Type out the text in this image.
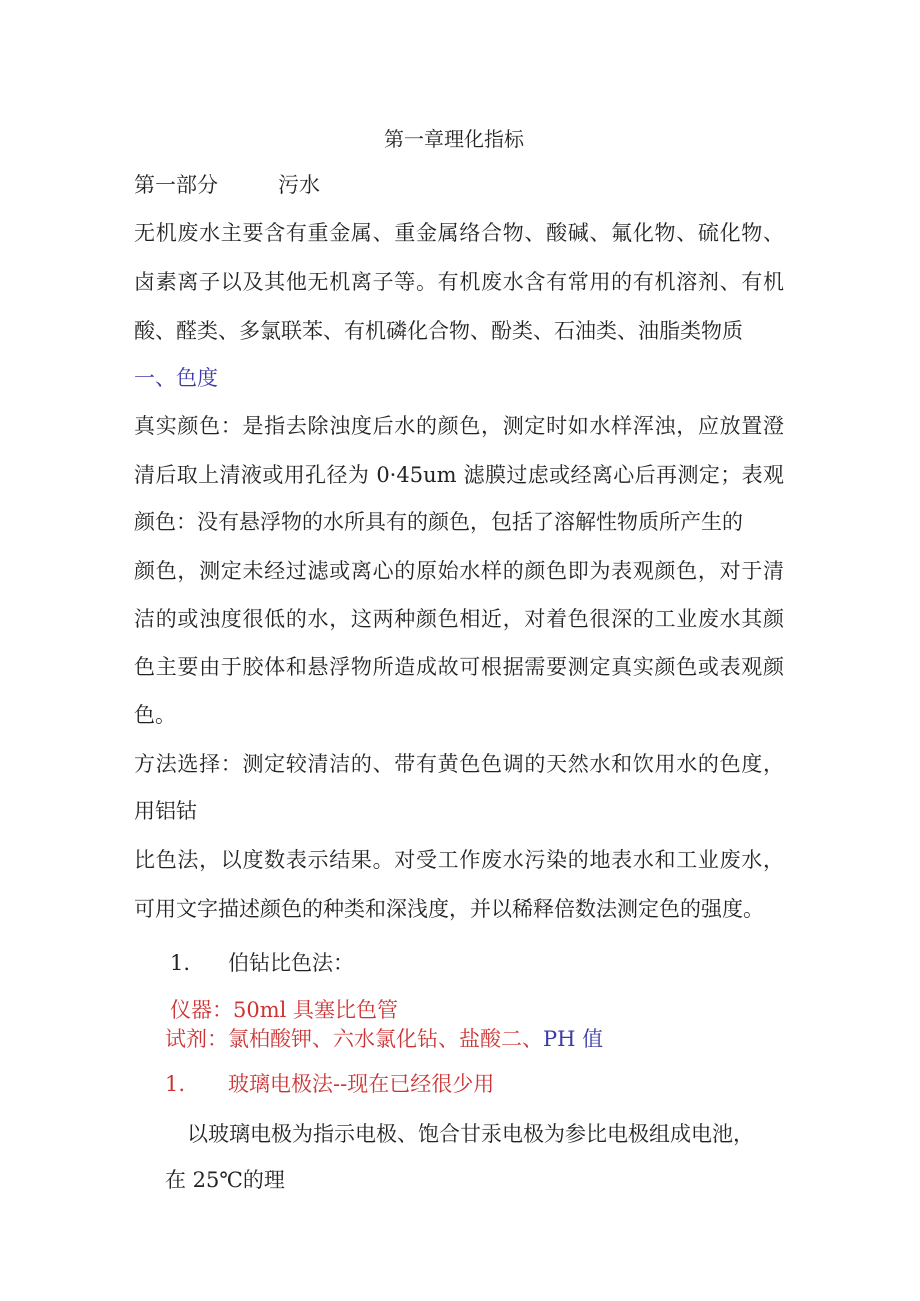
第一章理化指标
第一部分	污水
无机废水主要含有重金属、重金属络合物、酸碱、氟化物、硫化物、
卤素离子以及其他无机离子等。有机废水含有常用的有机溶剂、有机
酸、醛类、多氯联苯、有机磷化合物、酚类、石油类、油脂类物质
一、色度
真实颜色：是指去除浊度后水的颜色，测定时如水样浑浊，应放置澄
清后取上清液或用孔径为 0·45um 滤膜过虑或经离心后再测定；表观
颜色：没有悬浮物的水所具有的颜色，包括了溶解性物质所产生的
颜色，测定未经过滤或离心的原始水样的颜色即为表观颜色，对于清
洁的或浊度很低的水，这两种颜色相近，对着色很深的工业废水其颜
色主要由于胶体和悬浮物所造成故可根据需要测定真实颜色或表观颜
色。
方法选择：测定较清洁的、带有黄色色调的天然水和饮用水的色度，
用铝钴
比色法，以度数表示结果。对受工作废水污染的地表水和工业废水，
可用文字描述颜色的种类和深浅度，并以稀释倍数法测定色的强度。
1. 伯钻比色法：
仪器：50ml 具塞比色管
试剂：氯柏酸钾、六水氯化钻、盐酸二、PH 值
1. 玻璃电极法--现在已经很少用
以玻璃电极为指示电极、饱合甘汞电极为参比电极组成电池，
在 25℃的理
